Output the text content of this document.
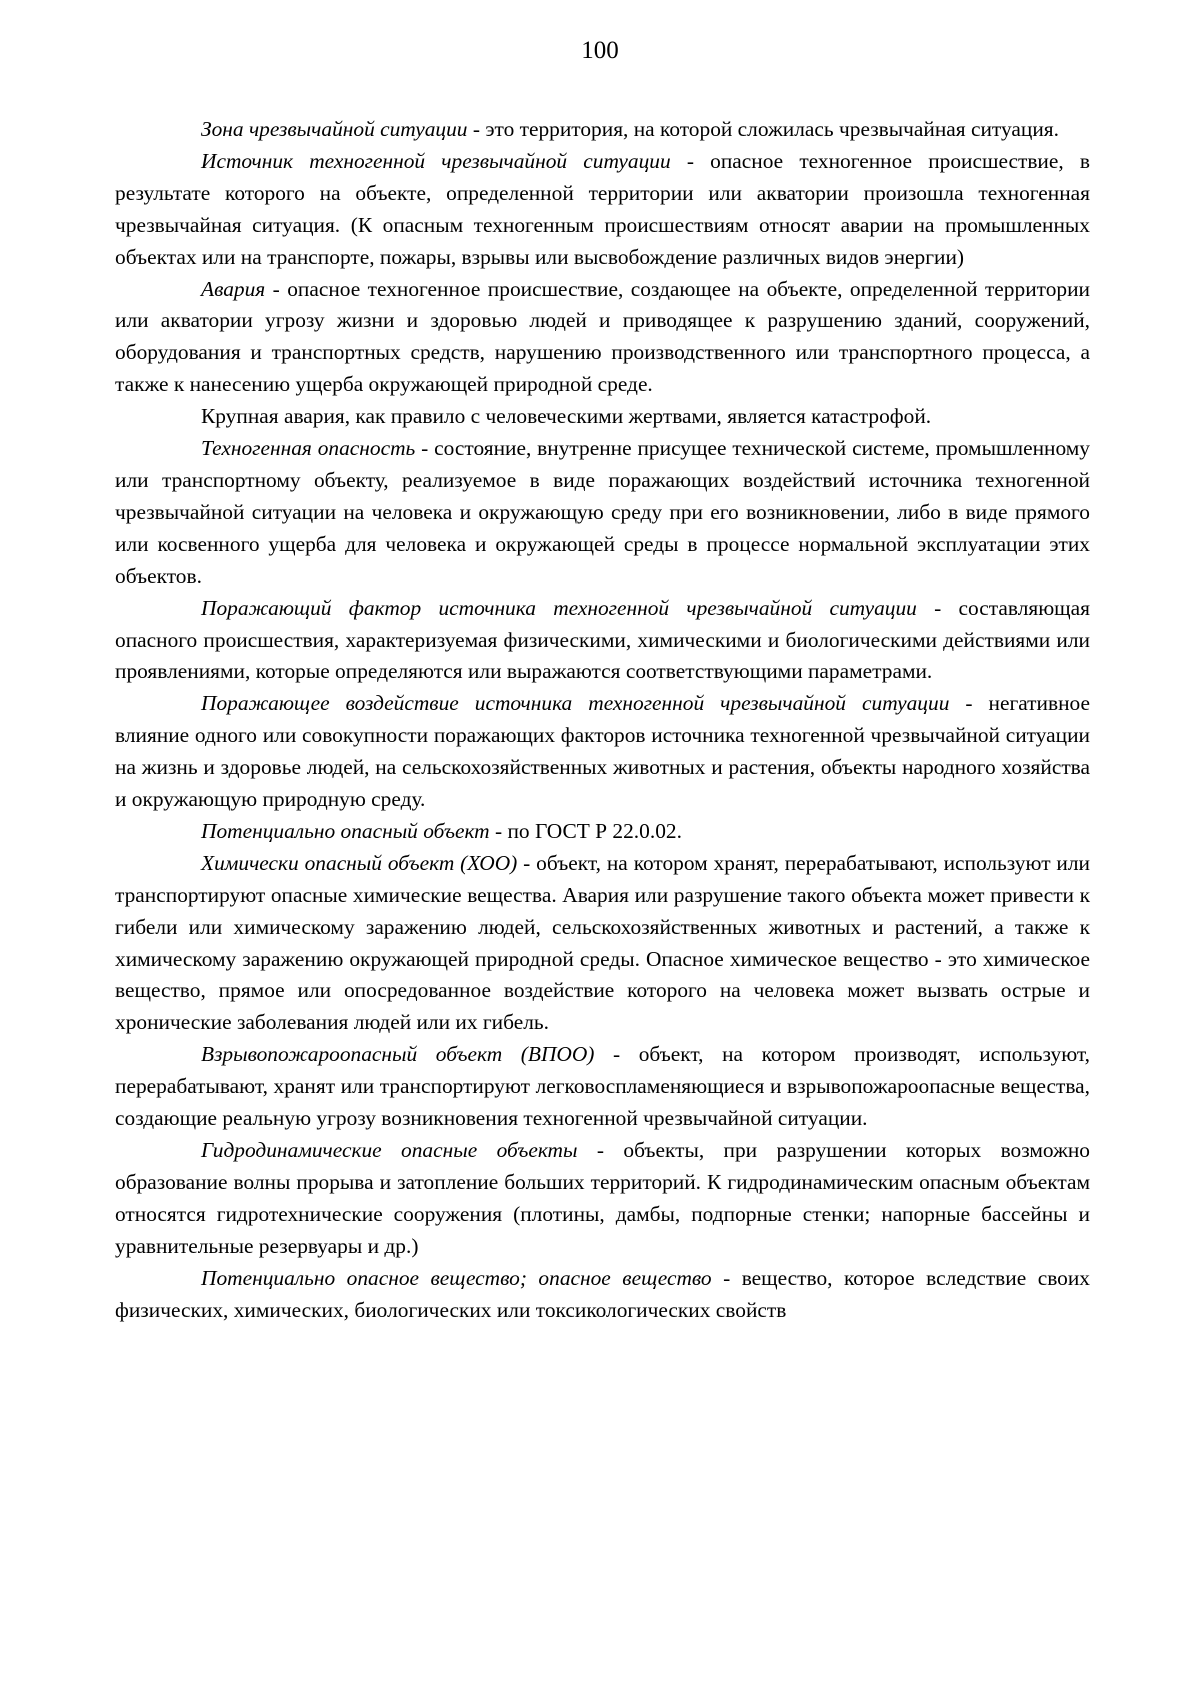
100

Зона чрезвычайной ситуации - это территория, на которой сложилась чрезвычайная ситуация.

Источник техногенной чрезвычайной ситуации - опасное техногенное происшествие, в результате которого на объекте, определенной территории или акватории произошла техногенная чрезвычайная ситуация. (К опасным техногенным происшествиям относят аварии на промышленных объектах или на транспорте, пожары, взрывы или высвобождение различных видов энергии)

Авария - опасное техногенное происшествие, создающее на объекте, определенной территории или акватории угрозу жизни и здоровью людей и приводящее к разрушению зданий, сооружений, оборудования и транспортных средств, нарушению производственного или транспортного процесса, а также к нанесению ущерба окружающей природной среде.

Крупная авария, как правило с человеческими жертвами, является катастрофой.

Техногенная опасность - состояние, внутренне присущее технической системе, промышленному или транспортному объекту, реализуемое в виде поражающих воздействий источника техногенной чрезвычайной ситуации на человека и окружающую среду при его возникновении, либо в виде прямого или косвенного ущерба для человека и окружающей среды в процессе нормальной эксплуатации этих объектов.

Поражающий фактор источника техногенной чрезвычайной ситуации - составляющая опасного происшествия, характеризуемая физическими, химическими и биологическими действиями или проявлениями, которые определяются или выражаются соответствующими параметрами.

Поражающее воздействие источника техногенной чрезвычайной ситуации - негативное влияние одного или совокупности поражающих факторов источника техногенной чрезвычайной ситуации на жизнь и здоровье людей, на сельскохозяйственных животных и растения, объекты народного хозяйства и окружающую природную среду.

Потенциально опасный объект - по ГОСТ Р 22.0.02.

Химически опасный объект (ХОО) - объект, на котором хранят, перерабатывают, используют или транспортируют опасные химические вещества. Авария или разрушение такого объекта может привести к гибели или химическому заражению людей, сельскохозяйственных животных и растений, а также к химическому заражению окружающей природной среды. Опасное химическое вещество - это химическое вещество, прямое или опосредованное воздействие которого на человека может вызвать острые и хронические заболевания людей или их гибель.

Взрывопожароопасный объект (ВПОО) - объект, на котором производят, используют, перерабатывают, хранят или транспортируют легковоспламеняющиеся и взрывопожароопасные вещества, создающие реальную угрозу возникновения техногенной чрезвычайной ситуации.

Гидродинамические опасные объекты - объекты, при разрушении которых возможно образование волны прорыва и затопление больших территорий. К гидродинамическим опасным объектам относятся гидротехнические сооружения (плотины, дамбы, подпорные стенки; напорные бассейны и уравнительные резервуары и др.)

Потенциально опасное вещество; опасное вещество - вещество, которое вследствие своих физических, химических, биологических или токсикологических свойств
